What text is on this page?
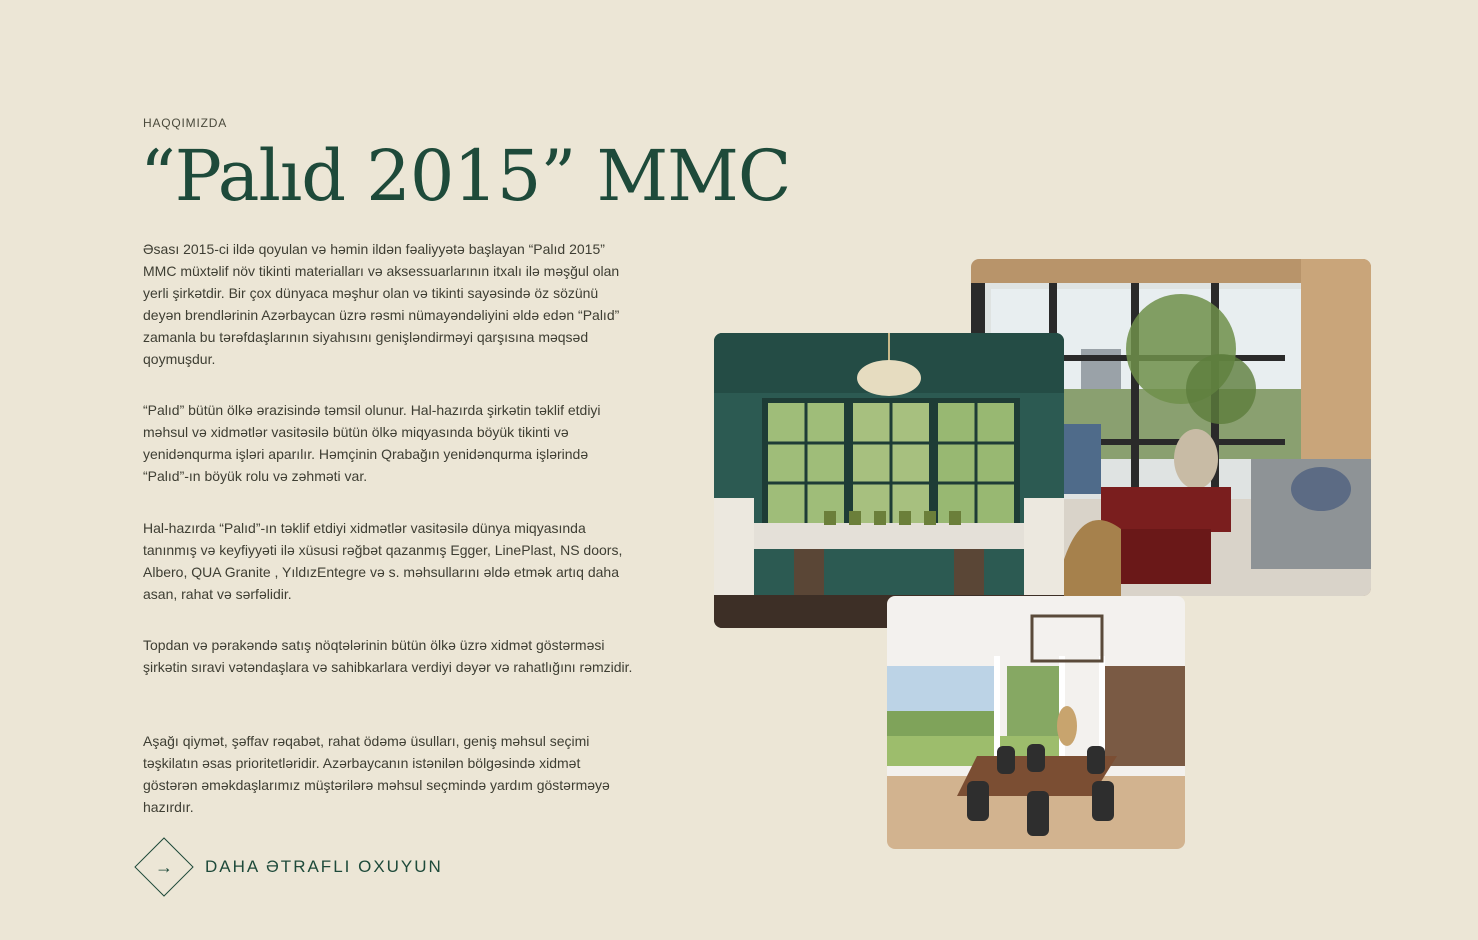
HAQQIMIZDA
“Palıd 2015” MMC

Əsası 2015-ci ildə qoyulan və həmin ildən fəaliyyətə başlayan “Palıd 2015” MMC müxtəlif növ tikinti materialları və aksessuarlarının itxalı ilə məşğul olan yerli şirkətdir. Bir çox dünyaca məşhur olan və tikinti sayəsində öz sözünü deyən brendlərinin Azərbaycan üzrə rəsmi nümayəndəliyini əldə edən “Palıd” zamanla bu tərəfdaşlarının siyahısını genişləndirməyi qarşısına məqsəd qoymuşdur.

“Palıd” bütün ölkə ərazisində təmsil olunur. Hal-hazırda şirkətin təklif etdiyi məhsul və xidmətlər vasitəsilə bütün ölkə miqyasında böyük tikinti və yenidənqurma işləri aparılır. Həmçinin Qrabağın yenidənqurma işlərində “Palıd”-ın böyük rolu və zəhməti var.

Hal-hazırda “Palıd”-ın təklif etdiyi xidmətlər vasitəsilə dünya miqyasında tanınmış və keyfiyyəti ilə xüsusi rəğbət qazanmış Egger, LinePlast, NS doors, Albero, QUA Granite , YıldızEntegre və s. məhsullarını əldə etmək artıq daha asan, rahat və sərfəlidir.

Topdan və pərakəndə satış nöqtələrinin bütün ölkə üzrə xidmət göstərməsi şirkətin sıravi vətəndaşlara və sahibkarlara verdiyi dəyər və rahatlığını rəmzidir.

Aşağı qiymət, şəffav rəqabət, rahat ödəmə üsulları, geniş məhsul seçimi təşkilatın əsas prioritetləridir. Azərbaycanın istənilən bölgəsində xidmət göstərən əməkdaşlarımız müştərilərə məhsul seçmində yardım göstərməyə hazırdır.

→	DAHA ƏTRAFLI OXUYUN
